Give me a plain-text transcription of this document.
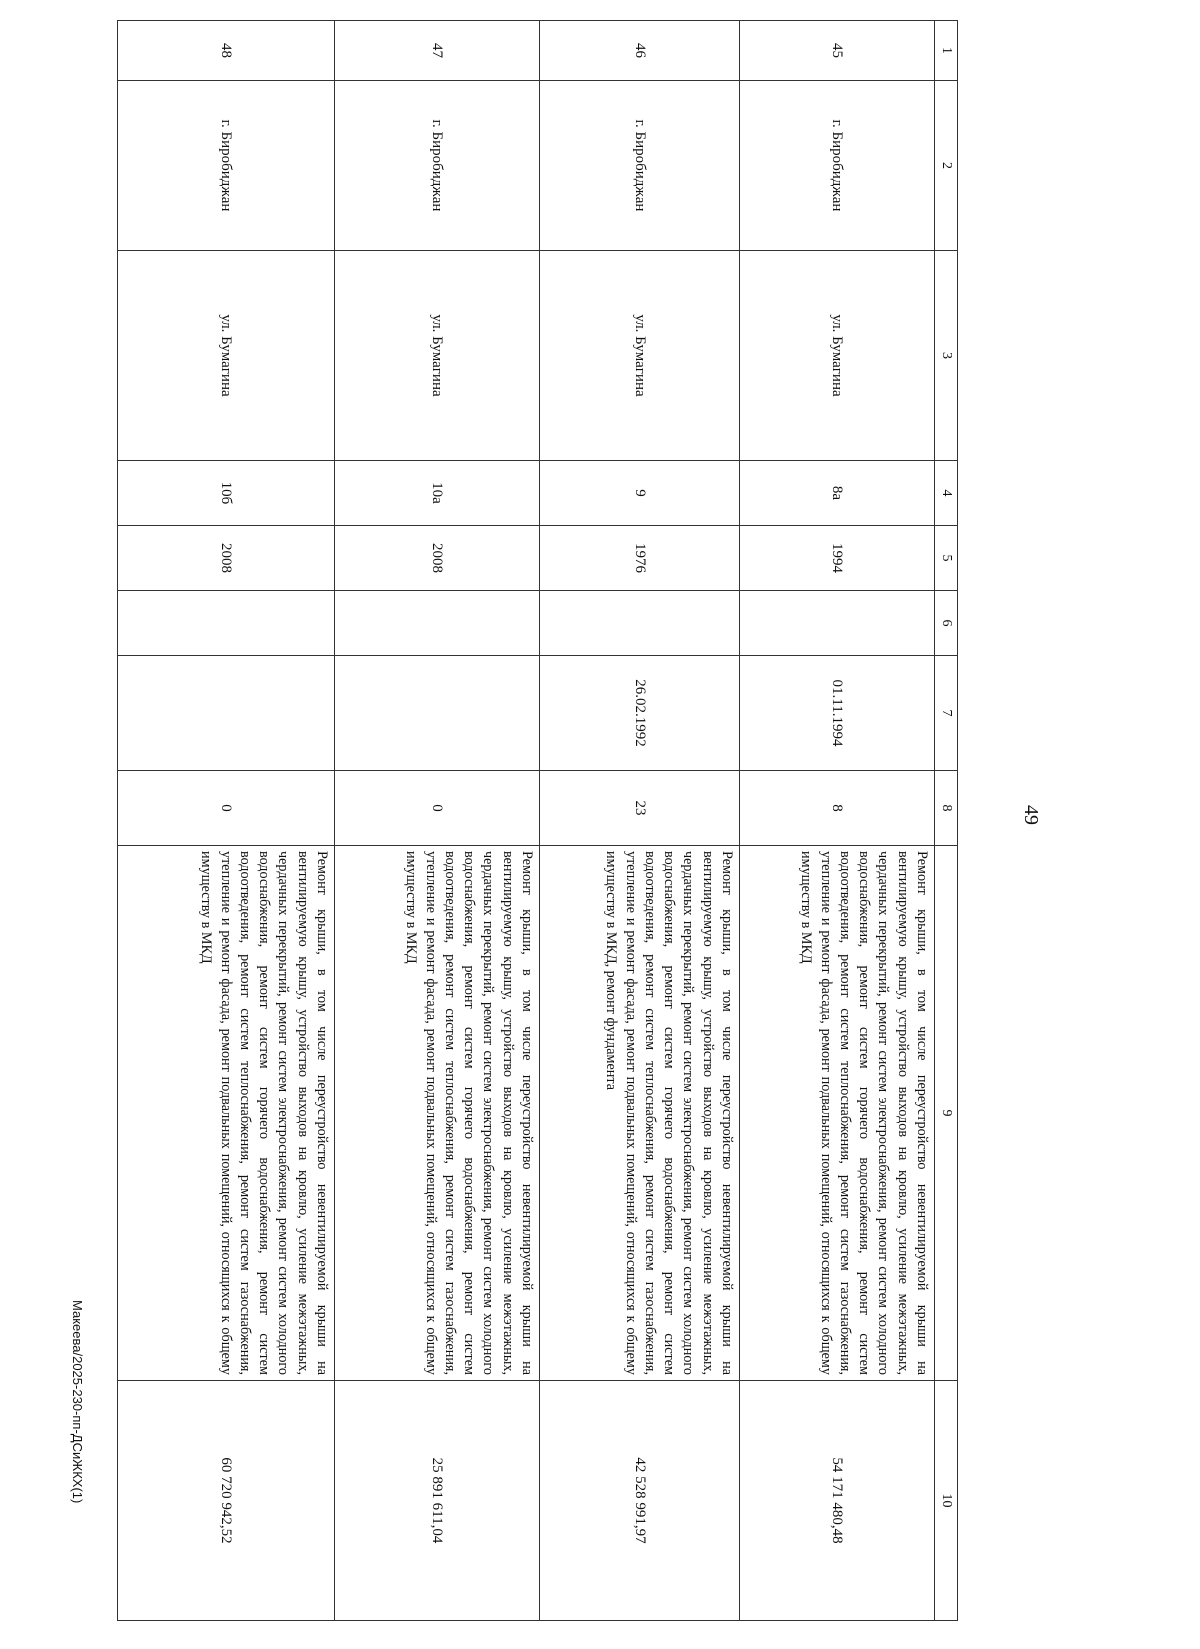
49
1	2	3	4	5	6	7	8	9	10
45	г. Биробиджан	ул. Бумагина	8а	1994		01.11.1994	8	Ремонт крыши, в том числе переустройство невентилируемой крыши на вентилируемую крышу, устройство выходов на кровлю, усиление межэтажных, чердачных перекрытий, ремонт систем электроснабжения, ремонт систем холодного водоснабжения, ремонт систем горячего водоснабжения, ремонт систем водоотведения, ремонт систем теплоснабжения, ремонт систем газоснабжения, утепление и ремонт фасада, ремонт подвальных помещений, относящихся к общему имуществу в МКД	54 171 480,48
46	г. Биробиджан	ул. Бумагина	9	1976		26.02.1992	23	Ремонт крыши, в том числе переустройство невентилируемой крыши на вентилируемую крышу, устройство выходов на кровлю, усиление межэтажных, чердачных перекрытий, ремонт систем электроснабжения, ремонт систем холодного водоснабжения, ремонт систем горячего водоснабжения, ремонт систем водоотведения, ремонт систем теплоснабжения, ремонт систем газоснабжения, утепление и ремонт фасада, ремонт подвальных помещений, относящихся к общему имуществу в МКД, ремонт фундамента	42 528 991,97
47	г. Биробиджан	ул. Бумагина	10а	2008			0	Ремонт крыши, в том числе переустройство невентилируемой крыши на вентилируемую крышу, устройство выходов на кровлю, усиление межэтажных, чердачных перекрытий, ремонт систем электроснабжения, ремонт систем холодного водоснабжения, ремонт систем горячего водоснабжения, ремонт систем водоотведения, ремонт систем теплоснабжения, ремонт систем газоснабжения, утепление и ремонт фасада, ремонт подвальных помещений, относящихся к общему имуществу в МКД	25 891 611,04
48	г. Биробиджан	ул. Бумагина	10б	2008			0	Ремонт крыши, в том числе переустройство невентилируемой крыши на вентилируемую крышу, устройство выходов на кровлю, усиление межэтажных, чердачных перекрытий, ремонт систем электроснабжения, ремонт систем холодного водоснабжения, ремонт систем горячего водоснабжения, ремонт систем водоотведения, ремонт систем теплоснабжения, ремонт систем газоснабжения, утепление и ремонт фасада, ремонт подвальных помещений, относящихся к общему имуществу в МКД	60 720 942,52
Макеева/2025-230-пп-ДСиЖКХ(1)
